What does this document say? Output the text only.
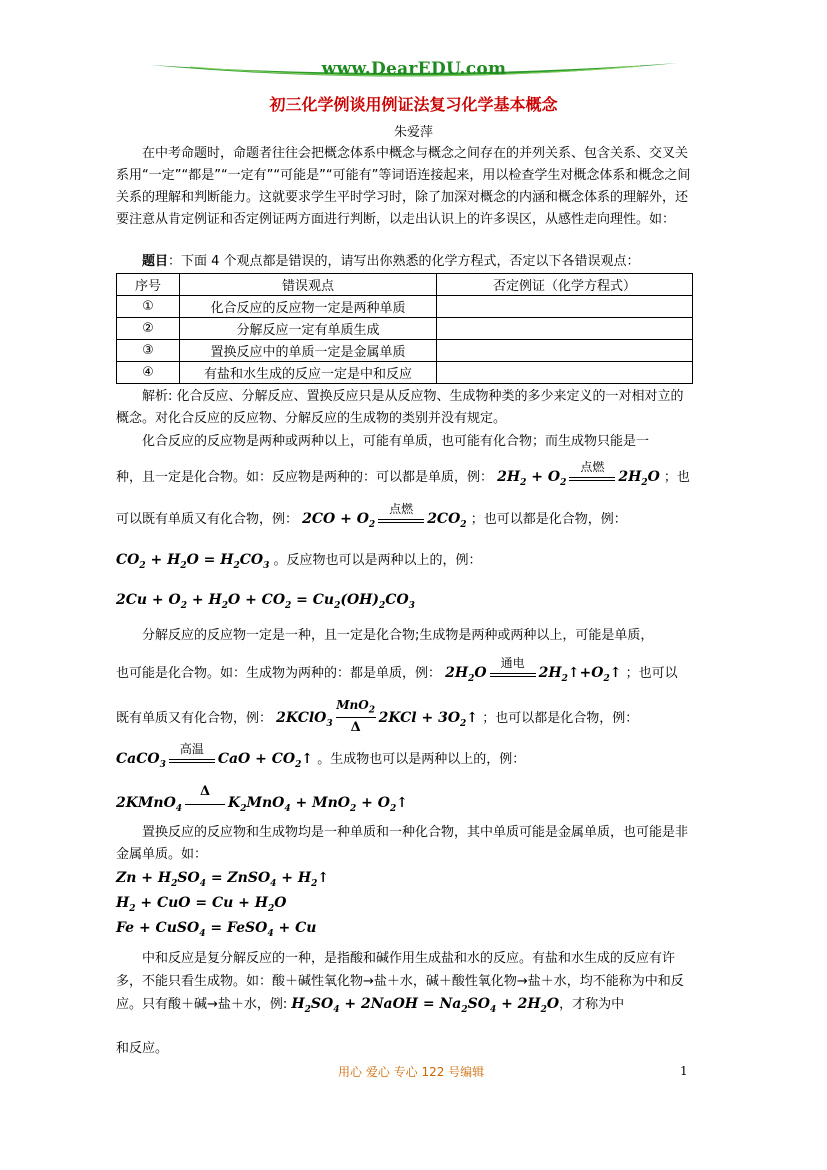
www.DearEDU.com
初三化学例谈用例证法复习化学基本概念
朱爱萍

在中考命题时，命题者往往会把概念体系中概念与概念之间存在的并列关系、包含关系、交叉关系用“一定”“都是”“一定有”“可能是”“可能有”等词语连接起来，用以检查学生对概念体系和概念之间关系的理解和判断能力。这就要求学生平时学习时，除了加深对概念的内涵和概念体系的理解外，还要注意从肯定例证和否定例证两方面进行判断，以走出认识上的许多误区，从感性走向理性。如：

题目：下面 4 个观点都是错误的，请写出你熟悉的化学方程式，否定以下各错误观点：

序号	错误观点	否定例证（化学方程式）
①	化合反应的反应物一定是两种单质	
②	分解反应一定有单质生成	
③	置换反应中的单质一定是金属单质	
④	有盐和水生成的反应一定是中和反应	

解析: 化合反应、分解反应、置换反应只是从反应物、生成物种类的多少来定义的一对相对立的概念。对化合反应的反应物、分解反应的生成物的类别并没有规定。

化合反应的反应物是两种或两种以上，可能有单质，也可能有化合物；而生成物只能是一

种，且一定是化合物。如：反应物是两种的：可以都是单质，例： $2H_2 + O_2$
点燃
$2H_2O$ ；也
可以既有单质又有化合物，例： $2CO + O_2$
点燃
$2CO_2$ ；也可以都是化合物，例：
$CO_2 + H_2O = H_2CO_3$ 。反应物也可以是两种以上的，例：
$2Cu + O_2 + H_2O + CO_2 = Cu_2(OH)_2CO_3$

分解反应的反应物一定是一种，且一定是化合物;生成物是两种或两种以上，可能是单质，

也可能是化合物。如：生成物为两种的：都是单质，例： $2H_2O$
通电
$2H_2↑+O_2↑$ ；也可以
既有单质又有化合物，例： 2KClO$_3$ $\frac{MnO_2}{\Delta} 2KCl$ + $3O_2↑$ ；也可以都是化合物，例：
CaCO$_3$
高温
CaO + $CO_2↑$ 。生成物也可以是两种以上的，例：
2KMnO$_4$
Δ
$K_2MnO_4 + MnO_2$ + $O_2↑$

置换反应的反应物和生成物均是一种单质和一种化合物，其中单质可能是金属单质，也可能是非金属单质。如：

$Zn + H_2SO_4$ = ZnSO$_4$ + $H_2↑$
$H_2$ + CuO = $Cu + H_2O$
Fe + CuSO$_4$ = FeSO$_4$ + Cu

中和反应是复分解反应的一种，是指酸和碱作用生成盐和水的反应。有盐和水生成的反应有许多，不能只看生成物。如：酸＋碱性氧化物→盐＋水，碱＋酸性氧化物→盐＋水，均不能称为中和反应。只有酸＋碱→盐＋水，例: $H_2SO_4$ + 2NaOH = $Na_2SO_4 + 2H_2O$，才称为中

和反应。

用心 爱心 专心 122 号编辑	1
